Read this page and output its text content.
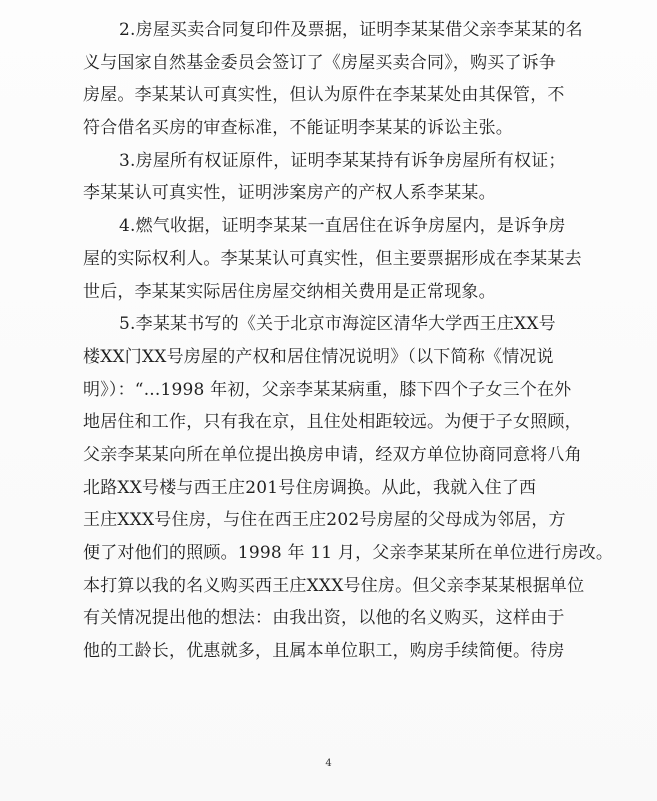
2.房屋买卖合同复印件及票据，证明李某某借父亲李某某的名
义与国家自然基金委员会签订了《房屋买卖合同》，购买了诉争
房屋。李某某认可真实性，但认为原件在李某某处由其保管，不
符合借名买房的审查标准，不能证明李某某的诉讼主张。
3.房屋所有权证原件，证明李某某持有诉争房屋所有权证；
李某某认可真实性，证明涉案房产的产权人系李某某。
4.燃气收据，证明李某某一直居住在诉争房屋内，是诉争房
屋的实际权利人。李某某认可真实性，但主要票据形成在李某某去
世后，李某某实际居住房屋交纳相关费用是正常现象。
5.李某某书写的《关于北京市海淀区清华大学西王庄XX号
楼XX门XX号房屋的产权和居住情况说明》（以下简称《情况说
明》）：“...1998 年初，父亲李某某病重，膝下四个子女三个在外
地居住和工作，只有我在京，且住处相距较远。为便于子女照顾，
父亲李某某向所在单位提出换房申请，经双方单位协商同意将八角
北路XX号楼与西王庄201号住房调换。从此，我就入住了西
王庄XXX号住房，与住在西王庄202号房屋的父母成为邻居，方
便了对他们的照顾。1998 年 11 月，父亲李某某所在单位进行房改。
本打算以我的名义购买西王庄XXX号住房。但父亲李某某根据单位
有关情况提出他的想法：由我出资，以他的名义购买，这样由于
他的工龄长，优惠就多，且属本单位职工，购房手续简便。待房
4
